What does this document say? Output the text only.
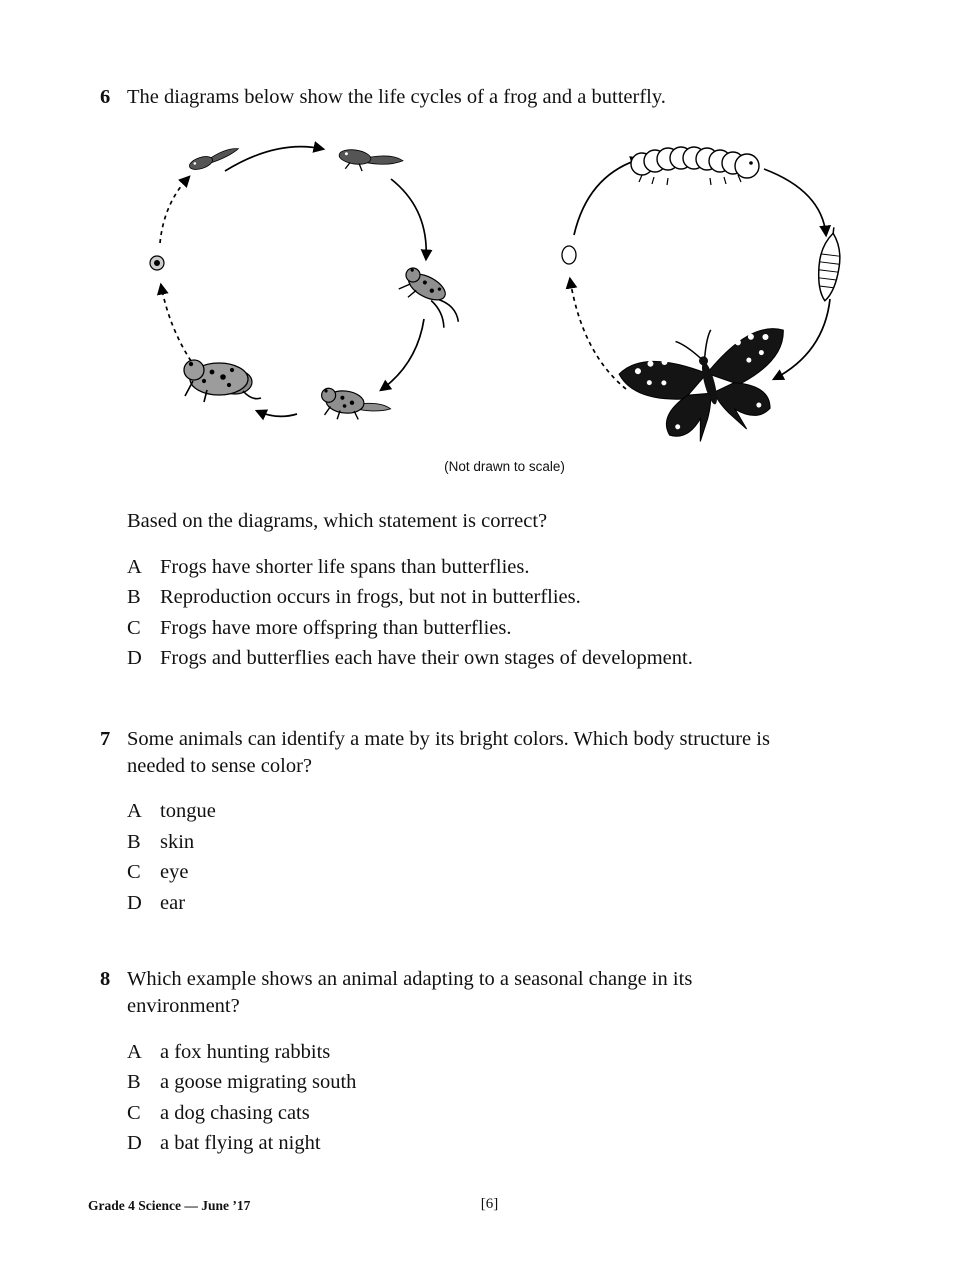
6 The diagrams below show the life cycles of a frog and a butterfly.
(Not drawn to scale)
Based on the diagrams, which statement is correct?
A Frogs have shorter life spans than butterflies.
B Reproduction occurs in frogs, but not in butterflies.
C Frogs have more offspring than butterflies.
D Frogs and butterflies each have their own stages of development.
7 Some animals can identify a mate by its bright colors. Which body structure is needed to sense color?
A tongue
B skin
C eye
D ear
8 Which example shows an animal adapting to a seasonal change in its environment?
A a fox hunting rabbits
B a goose migrating south
C a dog chasing cats
D a bat flying at night
Grade 4 Science — June ’17	[6]
